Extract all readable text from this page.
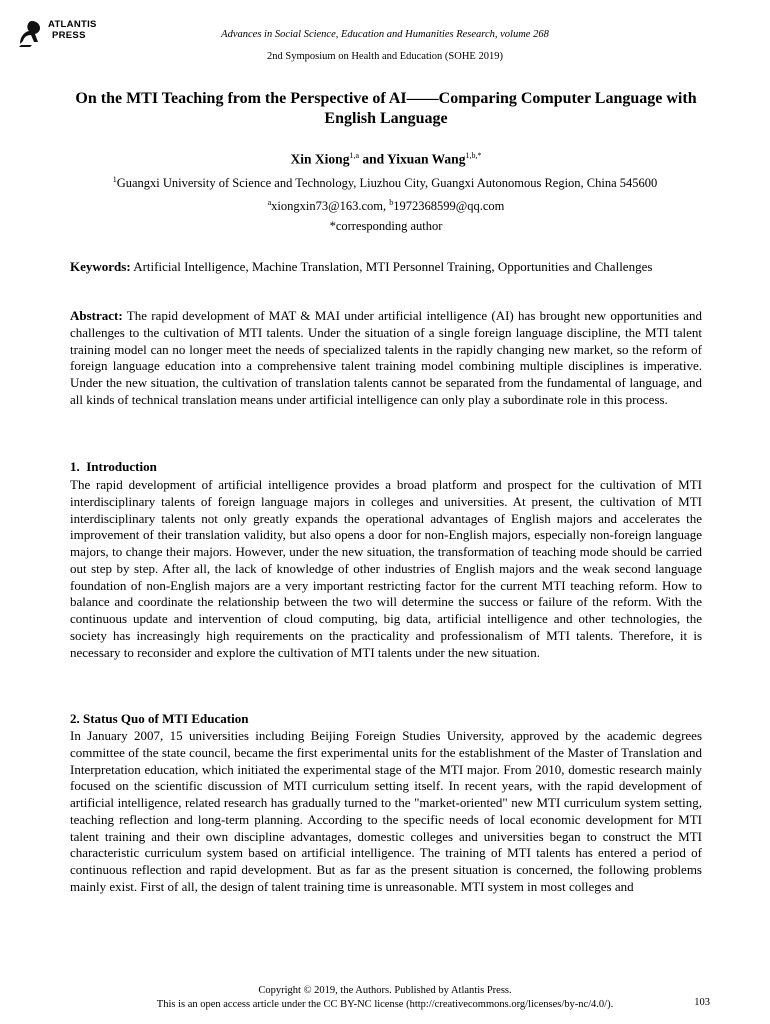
ATLANTIS
PRESS	Advances in Social Science, Education and Humanities Research, volume 268
2nd Symposium on Health and Education (SOHE 2019)
On the MTI Teaching from the Perspective of AI——Comparing Computer Language with English Language
Xin Xiong$^{1,a}$ and Yixuan Wang$^{1,b,*}$
$^1$Guangxi University of Science and Technology, Liuzhou City, Guangxi Autonomous Region, China 545600
$^a$xiongxin73@163.com, $^b$1972368599@qq.com
*corresponding author
Keywords: Artificial Intelligence, Machine Translation, MTI Personnel Training, Opportunities and Challenges
Abstract: The rapid development of MAT & MAI under artificial intelligence (AI) has brought new opportunities and challenges to the cultivation of MTI talents. Under the situation of a single foreign language discipline, the MTI talent training model can no longer meet the needs of specialized talents in the rapidly changing new market, so the reform of foreign language education into a comprehensive talent training model combining multiple disciplines is imperative. Under the new situation, the cultivation of translation talents cannot be separated from the fundamental of language, and all kinds of technical translation means under artificial intelligence can only play a subordinate role in this process.
1.  Introduction
The rapid development of artificial intelligence provides a broad platform and prospect for the cultivation of MTI interdisciplinary talents of foreign language majors in colleges and universities. At present, the cultivation of MTI interdisciplinary talents not only greatly expands the operational advantages of English majors and accelerates the improvement of their translation validity, but also opens a door for non-English majors, especially non-foreign language majors, to change their majors. However, under the new situation, the transformation of teaching mode should be carried out step by step. After all, the lack of knowledge of other industries of English majors and the weak second language foundation of non-English majors are a very important restricting factor for the current MTI teaching reform. How to balance and coordinate the relationship between the two will determine the success or failure of the reform. With the continuous update and intervention of cloud computing, big data, artificial intelligence and other technologies, the society has increasingly high requirements on the practicality and professionalism of MTI talents. Therefore, it is necessary to reconsider and explore the cultivation of MTI talents under the new situation.
2. Status Quo of MTI Education
In January 2007, 15 universities including Beijing Foreign Studies University, approved by the academic degrees committee of the state council, became the first experimental units for the establishment of the Master of Translation and Interpretation education, which initiated the experimental stage of the MTI major. From 2010, domestic research mainly focused on the scientific discussion of MTI curriculum setting itself. In recent years, with the rapid development of artificial intelligence, related research has gradually turned to the "market-oriented" new MTI curriculum system setting, teaching reflection and long-term planning. According to the specific needs of local economic development for MTI talent training and their own discipline advantages, domestic colleges and universities began to construct the MTI characteristic curriculum system based on artificial intelligence. The training of MTI talents has entered a period of continuous reflection and rapid development. But as far as the present situation is concerned, the following problems mainly exist. First of all, the design of talent training time is unreasonable. MTI system in most colleges and
Copyright © 2019, the Authors. Published by Atlantis Press.
This is an open access article under the CC BY-NC license (http://creativecommons.org/licenses/by-nc/4.0/).	103
